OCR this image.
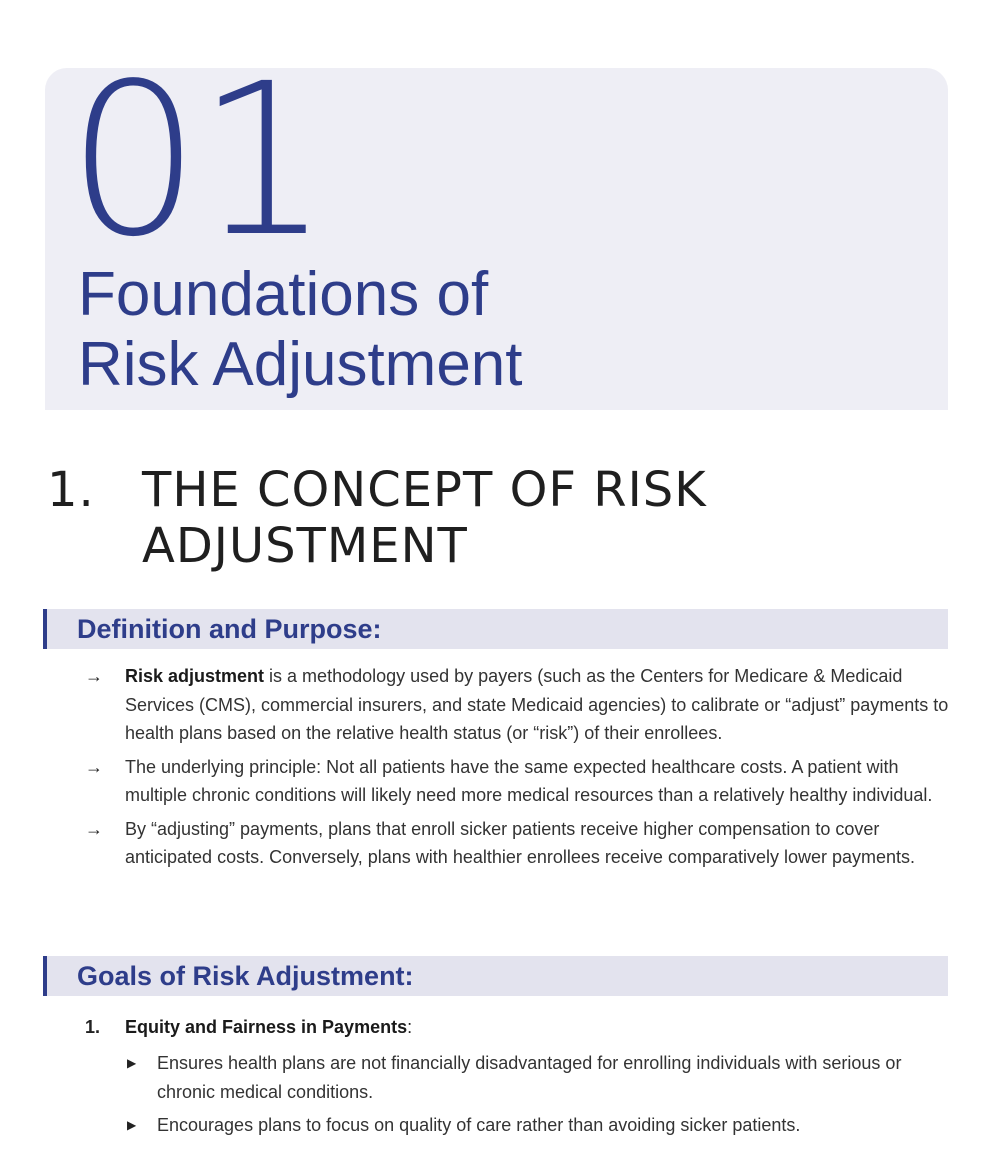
01
Foundations of
Risk Adjustment
1. THE CONCEPT OF RISK
ADJUSTMENT
Definition and Purpose:
→ Risk adjustment is a methodology used by payers (such as the Centers for Medicare & Medicaid Services (CMS), commercial insurers, and state Medicaid agencies) to calibrate or “adjust” payments to health plans based on the relative health status (or “risk”) of their enrollees.
→ The underlying principle: Not all patients have the same expected healthcare costs. A patient with multiple chronic conditions will likely need more medical resources than a relatively healthy individual.
→ By “adjusting” payments, plans that enroll sicker patients receive higher compensation to cover anticipated costs. Conversely, plans with healthier enrollees receive comparatively lower payments.
Goals of Risk Adjustment:
1. Equity and Fairness in Payments:
▶ Ensures health plans are not financially disadvantaged for enrolling individuals with serious or chronic medical conditions.
▶ Encourages plans to focus on quality of care rather than avoiding sicker patients.
